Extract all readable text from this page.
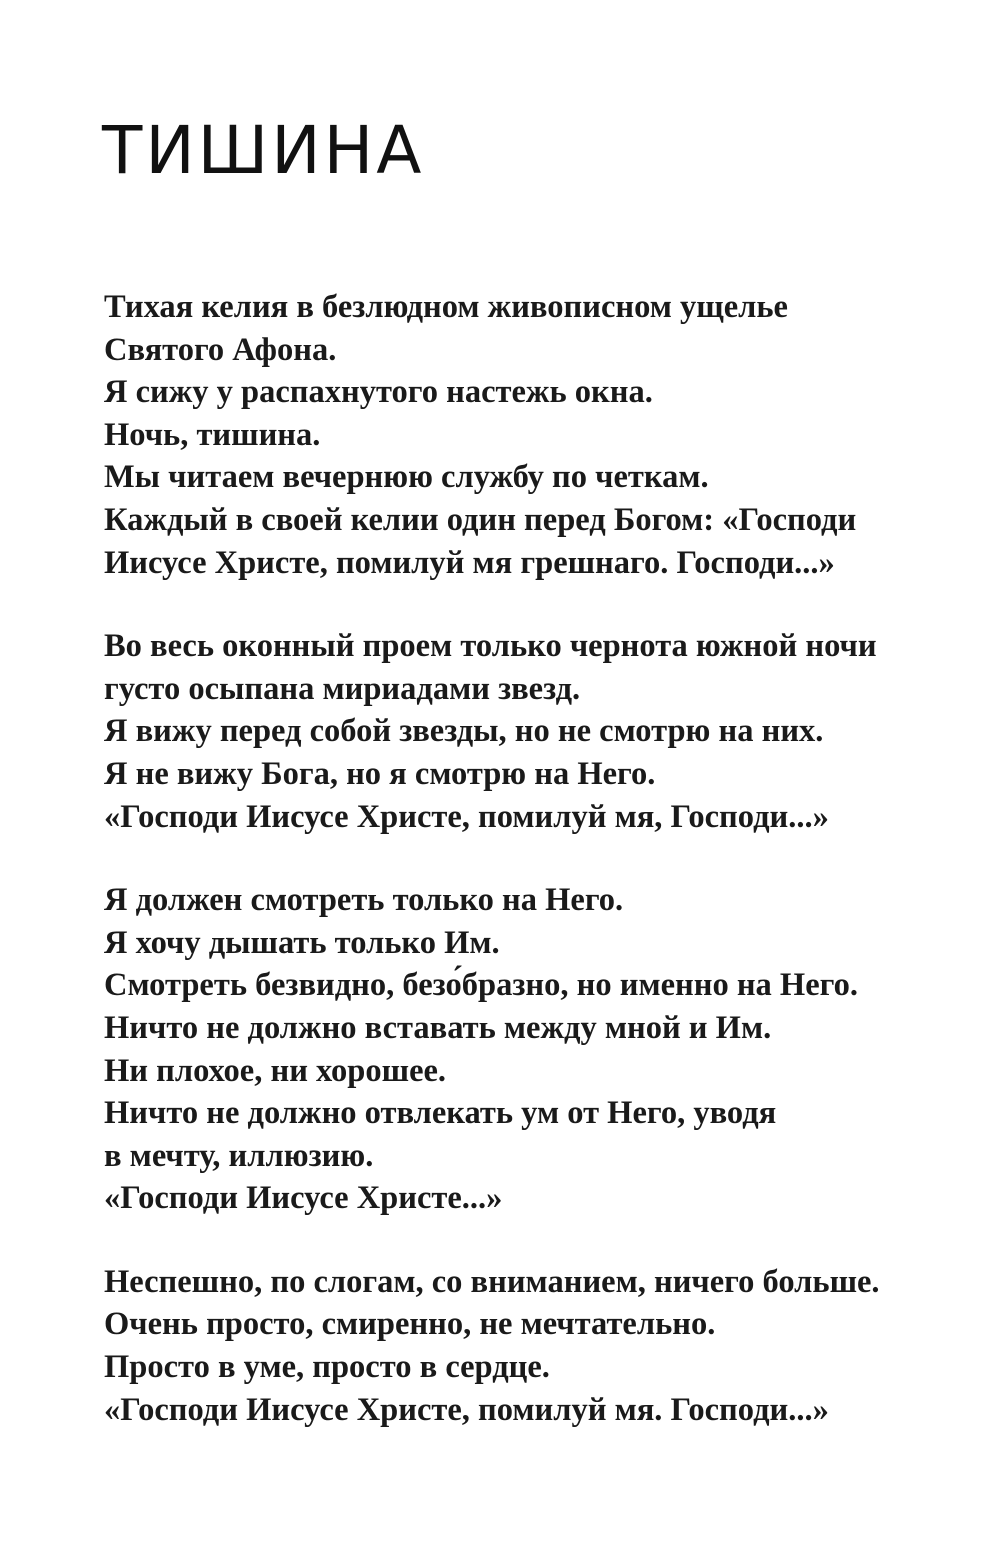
ТИШИНА
Тихая келия в безлюдном живописном ущелье
Святого Афона.
Я сижу у распахнутого настежь окна.
Ночь, тишина.
Мы читаем вечернюю службу по четкам.
Каждый в своей келии один перед Богом: «Господи
Иисусе Христе, помилуй мя грешнаго. Господи...»
Во весь оконный проем только чернота южной ночи
густо осыпана мириадами звезд.
Я вижу перед собой звезды, но не смотрю на них.
Я не вижу Бога, но я смотрю на Него.
«Господи Иисусе Христе, помилуй мя, Господи...»
Я должен смотреть только на Него.
Я хочу дышать только Им.
Смотреть безвидно, безо́бразно, но именно на Него.
Ничто не должно вставать между мной и Им.
Ни плохое, ни хорошее.
Ничто не должно отвлекать ум от Него, уводя
в мечту, иллюзию.
«Господи Иисусе Христе...»
Неспешно, по слогам, со вниманием, ничего больше.
Очень просто, смиренно, не мечтательно.
Просто в уме, просто в сердце.
«Господи Иисусе Христе, помилуй мя. Господи...»
